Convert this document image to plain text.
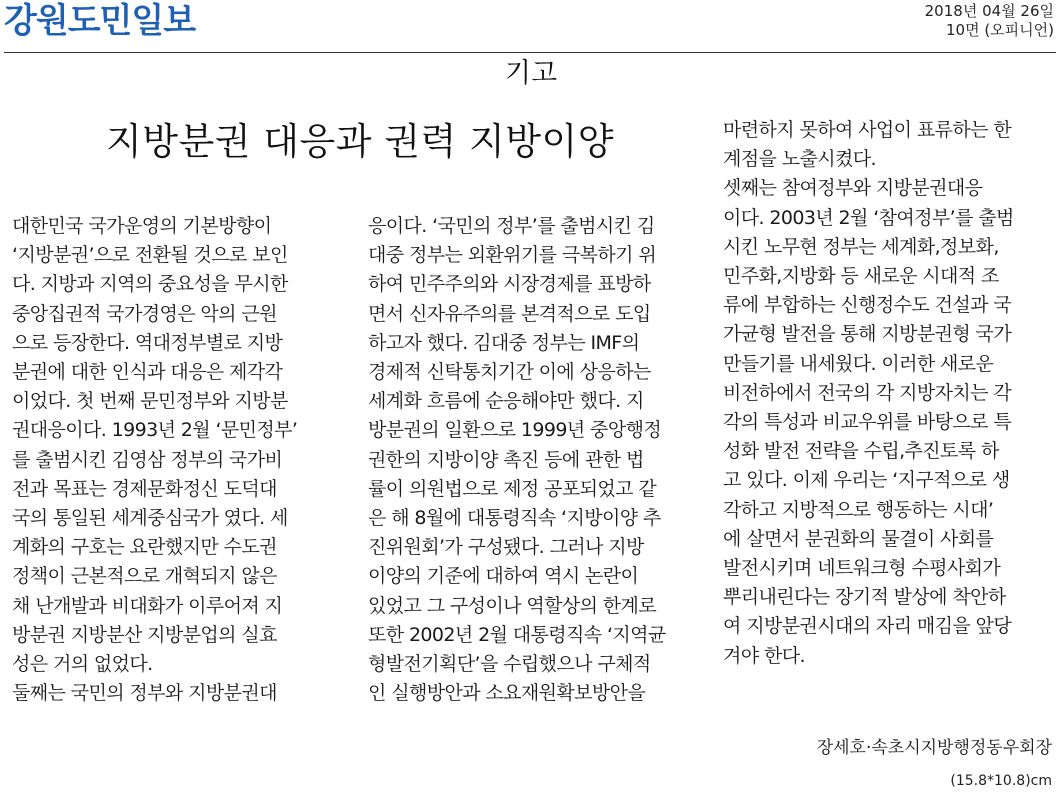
강원도민일보	2018년 04월 26일
10면 (오피니언)
기고
지방분권 대응과 권력 지방이양
대한민국 국가운영의 기본방향이
‘지방분권’으로 전환될 것으로 보인
다. 지방과 지역의 중요성을 무시한
중앙집권적 국가경영은 악의 근원
으로 등장한다. 역대정부별로 지방
분권에 대한 인식과 대응은 제각각
이었다. 첫 번째 문민정부와 지방분
권대응이다. 1993년 2월 ‘문민정부’
를 출범시킨 김영삼 정부의 국가비
전과 목표는 경제문화정신 도덕대
국의 통일된 세계중심국가 였다. 세
계화의 구호는 요란했지만 수도권
정책이 근본적으로 개혁되지 않은
채 난개발과 비대화가 이루어져 지
방분권 지방분산 지방분업의 실효
성은 거의 없었다.
둘째는 국민의 정부와 지방분권대
응이다. ‘국민의 정부’를 출범시킨 김
대중 정부는 외환위기를 극복하기 위
하여 민주주의와 시장경제를 표방하
면서 신자유주의를 본격적으로 도입
하고자 했다. 김대중 정부는 IMF의
경제적 신탁통치기간 이에 상응하는
세계화 흐름에 순응해야만 했다. 지
방분권의 일환으로 1999년 중앙행정
권한의 지방이양 촉진 등에 관한 법
률이 의원법으로 제정 공포되었고 같
은 해 8월에 대통령직속 ‘지방이양 추
진위원회’가 구성됐다. 그러나 지방
이양의 기준에 대하여 역시 논란이
있었고 그 구성이나 역할상의 한계로
또한 2002년 2월 대통령직속 ‘지역균
형발전기획단’을 수립했으나 구체적
인 실행방안과 소요재원확보방안을
마련하지 못하여 사업이 표류하는 한
계점을 노출시켰다.
셋째는 참여정부와 지방분권대응
이다. 2003년 2월 ‘참여정부’를 출범
시킨 노무현 정부는 세계화,정보화,
민주화,지방화 등 새로운 시대적 조
류에 부합하는 신행정수도 건설과 국
가균형 발전을 통해 지방분권형 국가
만들기를 내세웠다. 이러한 새로운
비전하에서 전국의 각 지방자치는 각
각의 특성과 비교우위를 바탕으로 특
성화 발전 전략을 수립,추진토록 하
고 있다. 이제 우리는 ‘지구적으로 생
각하고 지방적으로 행동하는 시대’
에 살면서 분권화의 물결이 사회를
발전시키며 네트워크형 수평사회가
뿌리내린다는 장기적 발상에 착안하
여 지방분권시대의 자리 매김을 앞당
겨야 한다.
장세호·속초시지방행정동우회장
(15.8*10.8)cm
